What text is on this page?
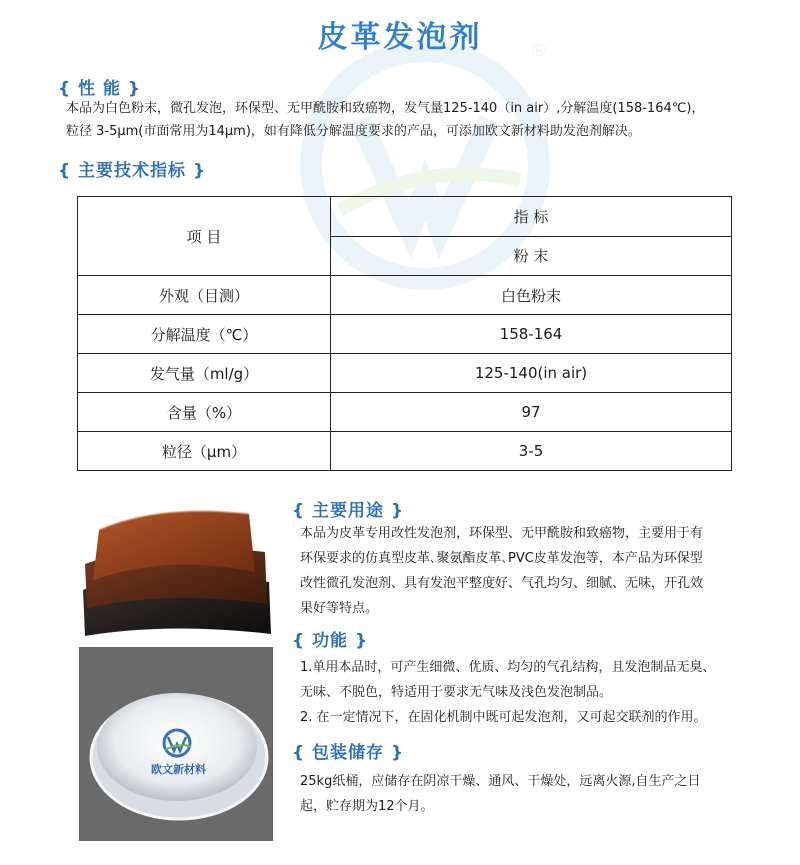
®
皮革发泡剂
{ 性 能 }
本品为白色粉末，微孔发泡，环保型、无甲酰胺和致癌物，发气量125-140（in air）,分解温度(158-164℃)，
粒径 3-5μm(市面常用为14μm)，如有降低分解温度要求的产品，可添加欧文新材料助发泡剂解决。
{ 主要技术指标 }
项 目	指 标
	粉 末
外观（目测）	白色粉末
分解温度（℃）	158-164
发气量（ml/g）	125-140(in air)
含量（%）	97
粒径（μm）	3-5
欧文新材料
{ 主要用途 }
本品为皮革专用改性发泡剂，环保型、无甲酰胺和致癌物，主要用于有
环保要求的仿真型皮革､聚氨酯皮革､PVC皮革发泡等，本产品为环保型
改性微孔发泡剂、具有发泡平整度好、气孔均匀、细腻、无味，开孔效
果好等特点。
{ 功能 }
1.单用本品时，可产生细微、优质、均匀的气孔结构，且发泡制品无臭、
无味、不脱色，特适用于要求无气味及浅色发泡制品。
2. 在一定情况下，在固化机制中既可起发泡剂，又可起交联剂的作用。
{ 包装储存 }
25kg纸桶，应储存在阴凉干燥、通风、干燥处，远离火源,自生产之日
起，贮存期为12个月。
